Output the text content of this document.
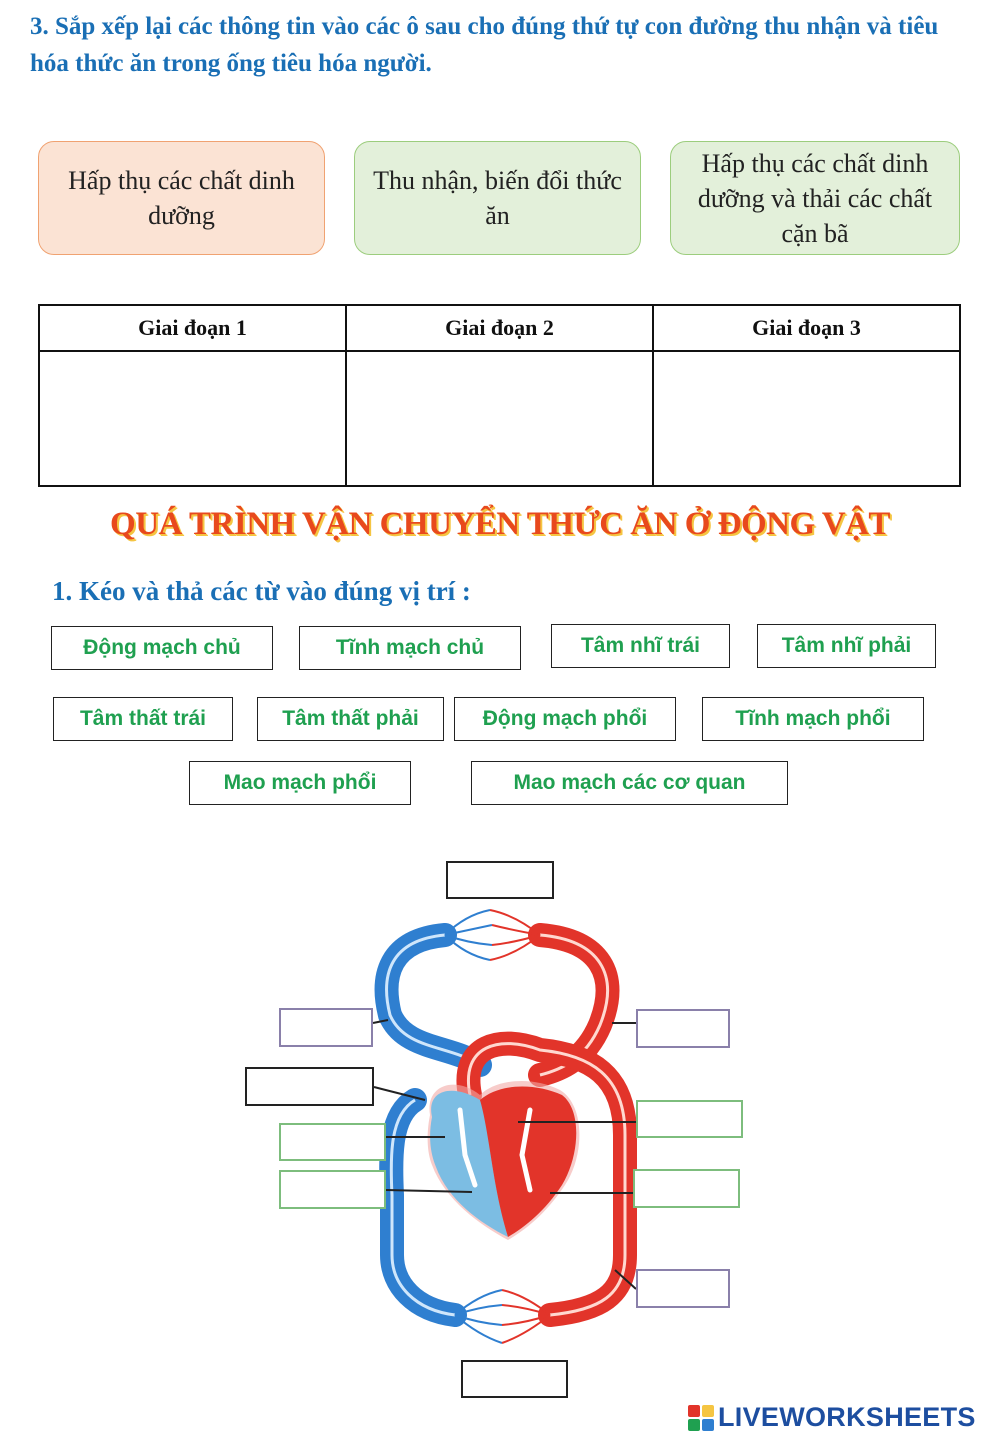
3. Sắp xếp lại các thông tin vào các ô sau cho đúng thứ tự con đường thu nhận và tiêu hóa thức ăn trong ống tiêu hóa người.
Hấp thụ các chất dinh dưỡng
Thu nhận, biến đổi thức ăn
Hấp thụ các chất dinh dưỡng và thải các chất cặn bã
Giai đoạn 1	Giai đoạn 2	Giai đoạn 3

QUÁ TRÌNH VẬN CHUYỂN THỨC ĂN Ở ĐỘNG VẬT
1. Kéo và thả các từ vào đúng vị trí :
Động mạch chủ	Tĩnh mạch chủ	Tâm nhĩ trái	Tâm nhĩ phải
Tâm thất trái	Tâm thất phải	Động mạch phổi	Tĩnh mạch phổi
Mao mạch phổi	Mao mạch các cơ quan
LIVEWORKSHEETS
